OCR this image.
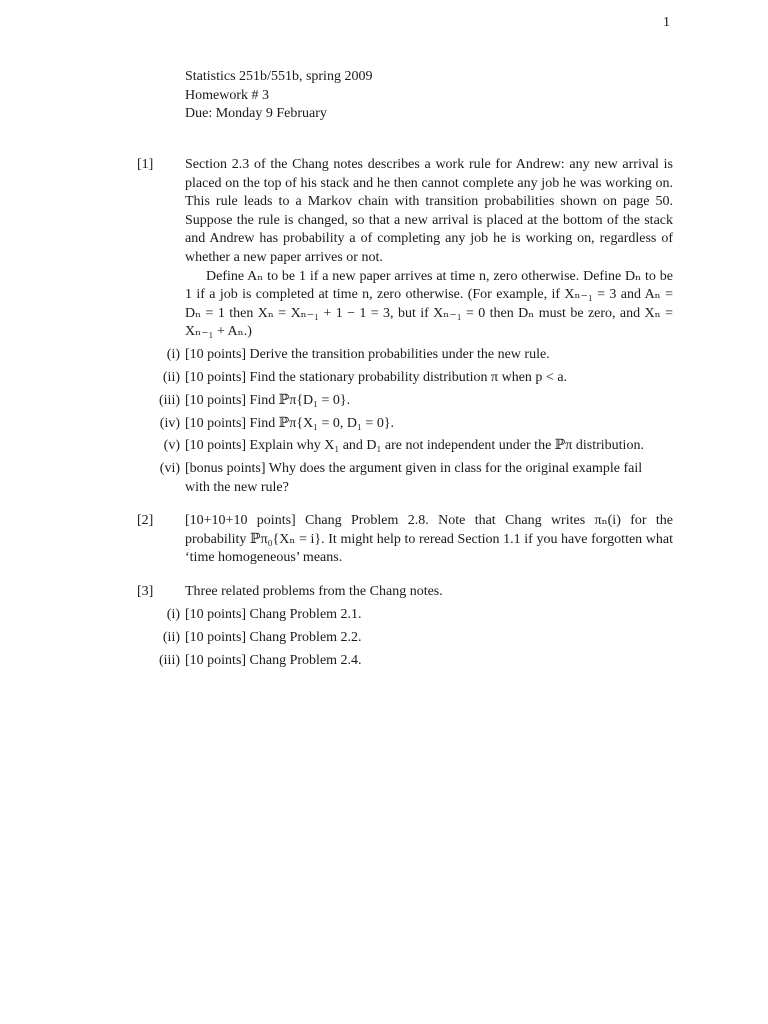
1
Statistics 251b/551b, spring 2009
Homework # 3
Due: Monday 9 February
[1] Section 2.3 of the Chang notes describes a work rule for Andrew: any new arrival is placed on the top of his stack and he then cannot complete any job he was working on. This rule leads to a Markov chain with transition probabilities shown on page 50. Suppose the rule is changed, so that a new arrival is placed at the bottom of the stack and Andrew has probability a of completing any job he is working on, regardless of whether a new paper arrives or not.

Define Aₙ to be 1 if a new paper arrives at time n, zero otherwise. Define Dₙ to be 1 if a job is completed at time n, zero otherwise. (For example, if Xₙ₋₁ = 3 and Aₙ = Dₙ = 1 then Xₙ = Xₙ₋₁ + 1 − 1 = 3, but if Xₙ₋₁ = 0 then Dₙ must be zero, and Xₙ = Xₙ₋₁ + Aₙ.)

(i) [10 points] Derive the transition probabilities under the new rule.
(ii) [10 points] Find the stationary probability distribution π when p < a.
(iii) [10 points] Find ℙπ{D₁ = 0}.
(iv) [10 points] Find ℙπ{X₁ = 0, D₁ = 0}.
(v) [10 points] Explain why X₁ and D₁ are not independent under the ℙπ distribution.
(vi) [bonus points] Why does the argument given in class for the original example fail
with the new rule?
[2] [10+10+10 points] Chang Problem 2.8. Note that Chang writes πₙ(i) for the probability ℙπ₀{Xₙ = i}. It might help to reread Section 1.1 if you have forgotten what ‘time homogeneous’ means.

[3] Three related problems from the Chang notes.

(i) [10 points] Chang Problem 2.1.
(ii) [10 points] Chang Problem 2.2.
(iii) [10 points] Chang Problem 2.4.
